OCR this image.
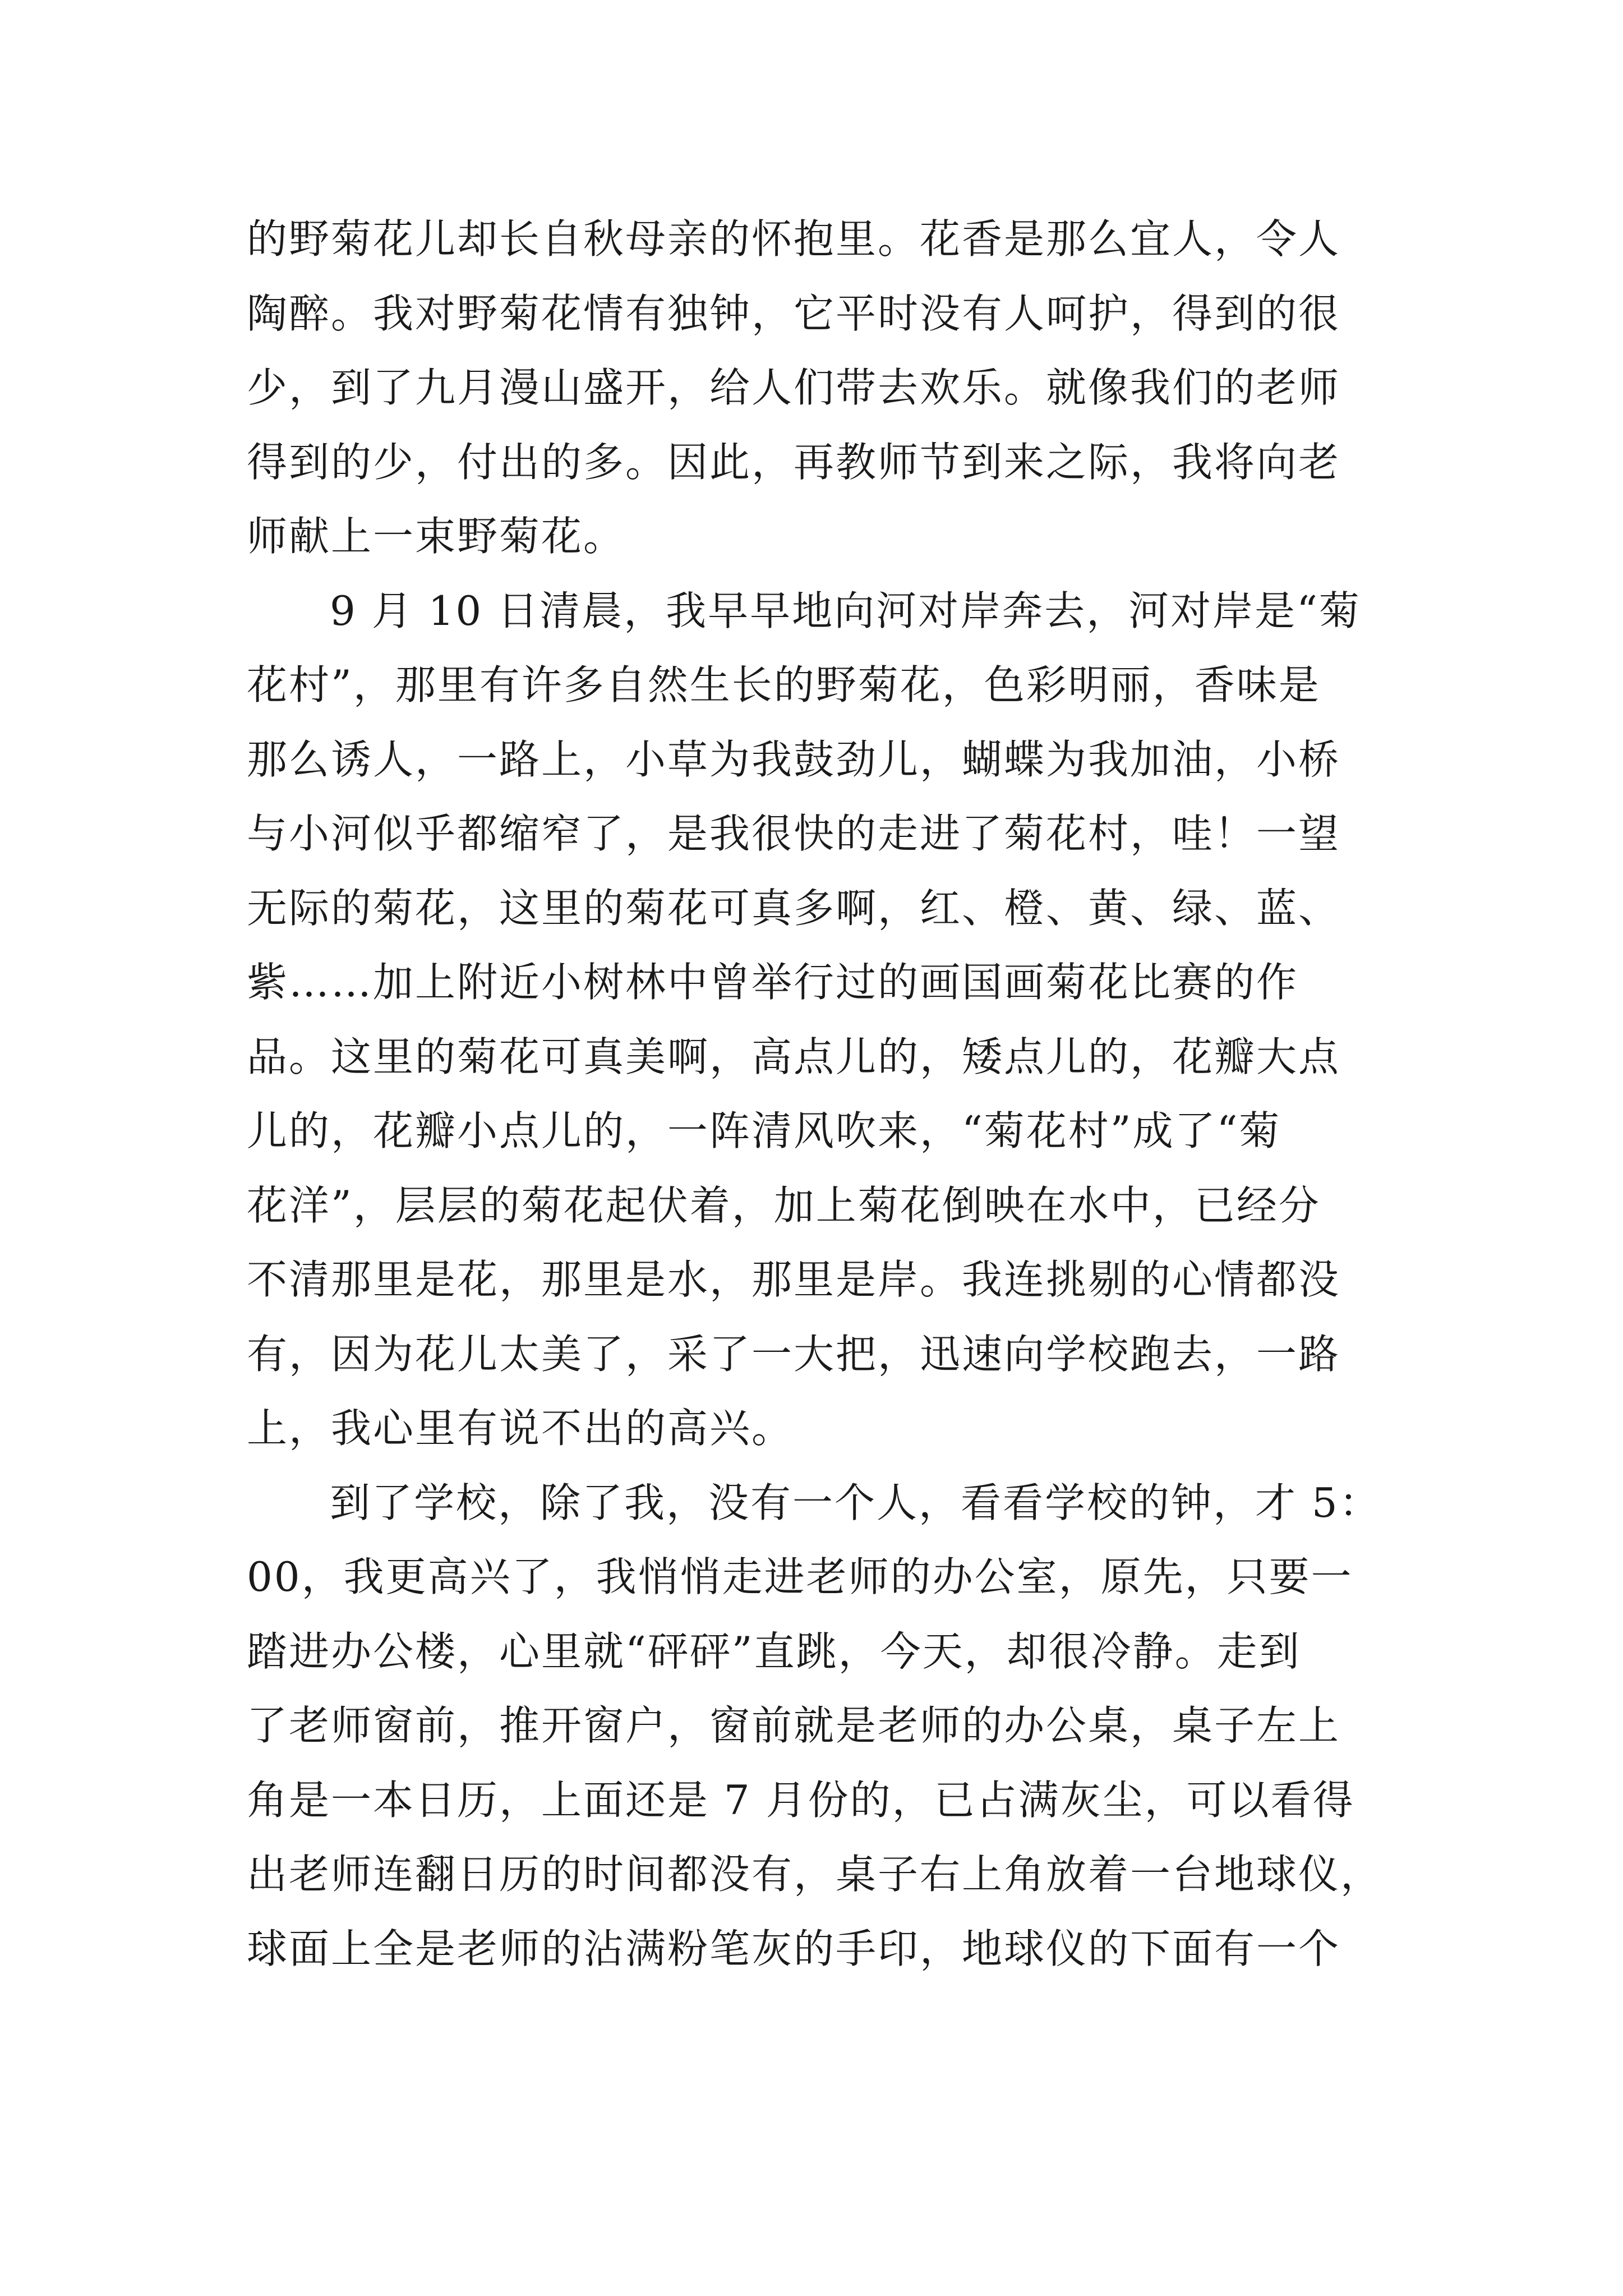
的野菊花儿却长自秋母亲的怀抱里。花香是那么宜人，令人
陶醉。我对野菊花情有独钟，它平时没有人呵护，得到的很
少，到了九月漫山盛开，给人们带去欢乐。就像我们的老师
得到的少，付出的多。因此，再教师节到来之际，我将向老
师献上一束野菊花。
9 月 10 日清晨，我早早地向河对岸奔去，河对岸是“菊
花村”，那里有许多自然生长的野菊花，色彩明丽，香味是
那么诱人，一路上，小草为我鼓劲儿，蝴蝶为我加油，小桥
与小河似乎都缩窄了，是我很快的走进了菊花村，哇！一望
无际的菊花，这里的菊花可真多啊，红、橙、黄、绿、蓝、
紫……加上附近小树林中曾举行过的画国画菊花比赛的作
品。这里的菊花可真美啊，高点儿的，矮点儿的，花瓣大点
儿的，花瓣小点儿的，一阵清风吹来，“菊花村”成了“菊
花洋”，层层的菊花起伏着，加上菊花倒映在水中，已经分
不清那里是花，那里是水，那里是岸。我连挑剔的心情都没
有，因为花儿太美了，采了一大把，迅速向学校跑去，一路
上，我心里有说不出的高兴。
到了学校，除了我，没有一个人，看看学校的钟，才 5：
00，我更高兴了，我悄悄走进老师的办公室，原先，只要一
踏进办公楼，心里就“砰砰”直跳，今天，却很冷静。走到
了老师窗前，推开窗户，窗前就是老师的办公桌，桌子左上
角是一本日历，上面还是 7 月份的，已占满灰尘，可以看得
出老师连翻日历的时间都没有，桌子右上角放着一台地球仪，
球面上全是老师的沾满粉笔灰的手印，地球仪的下面有一个
